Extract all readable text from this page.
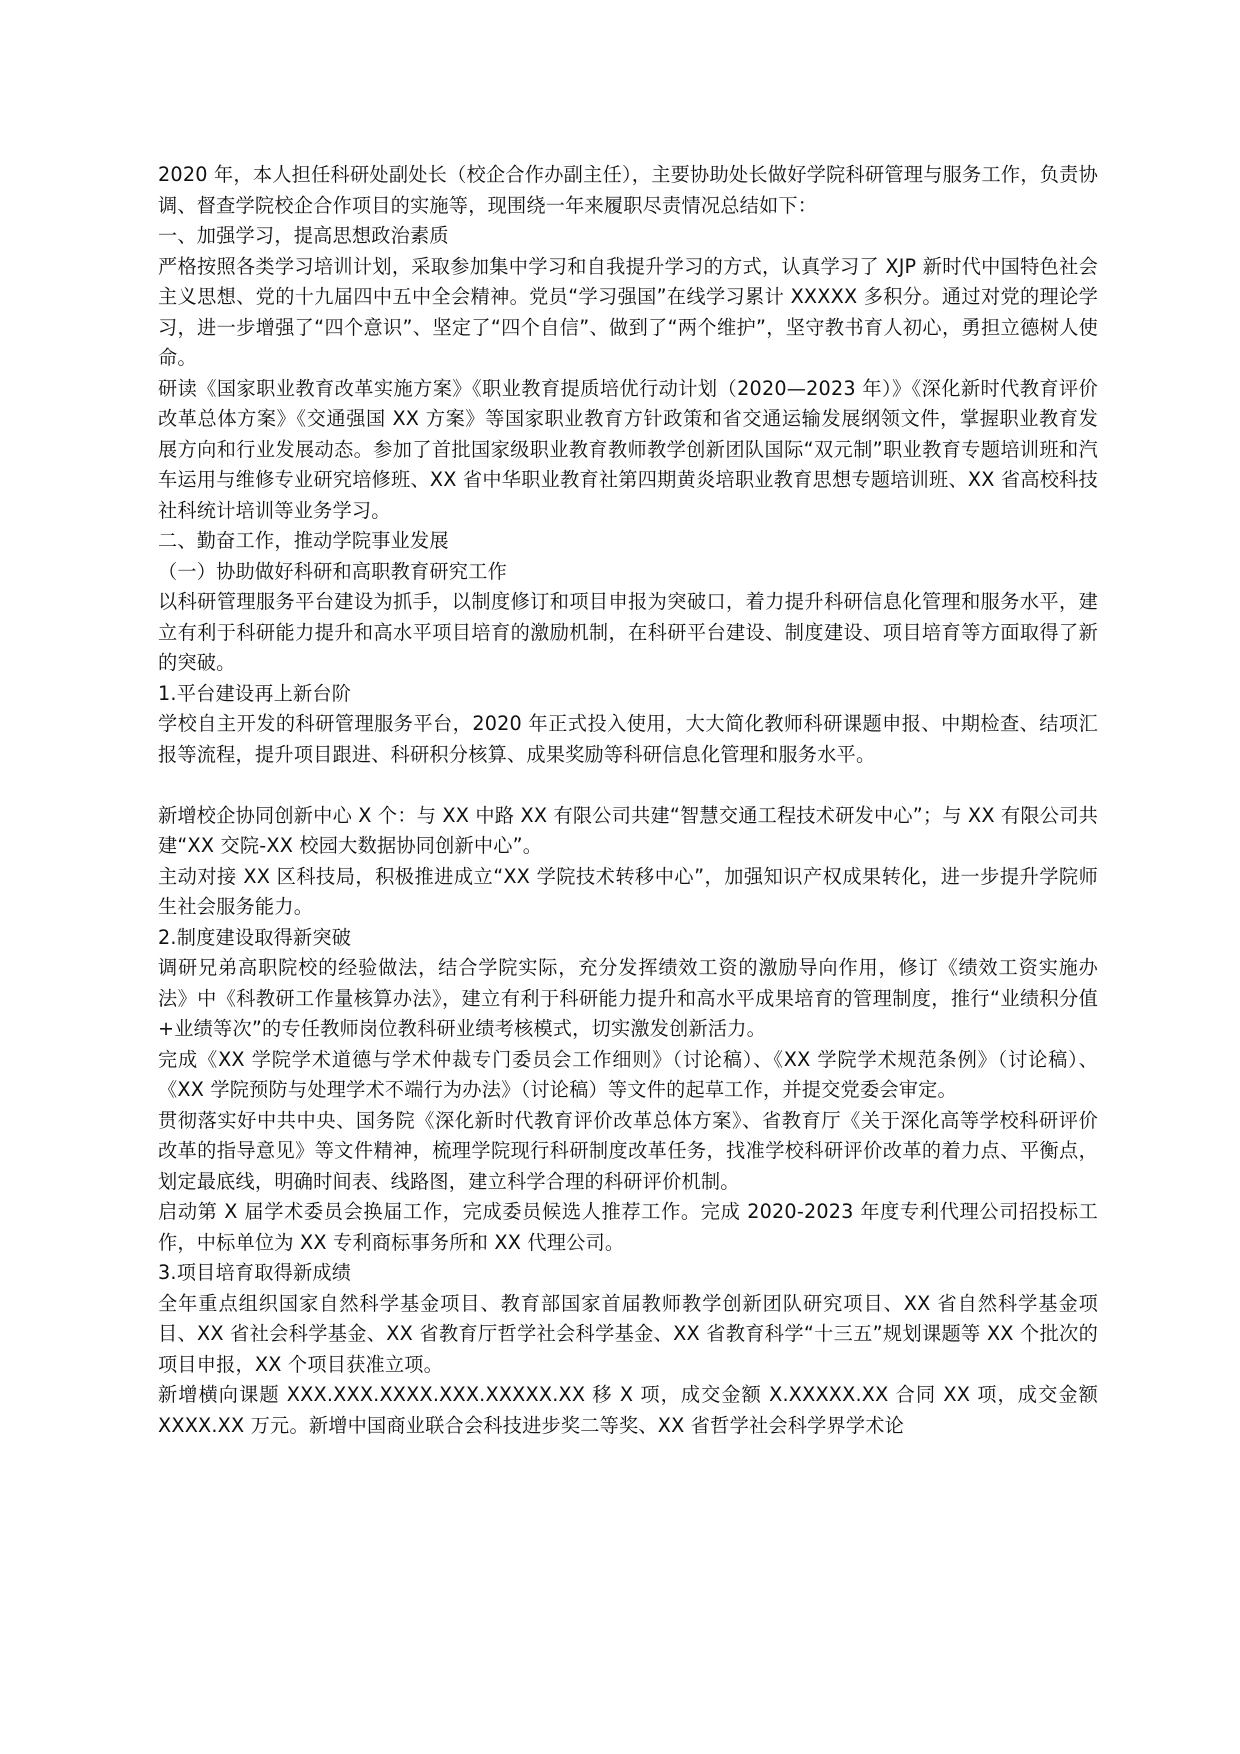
2020 年，本人担任科研处副处长（校企合作办副主任），主要协助处长做好学院科研管理与服务工作，负责协调、督查学院校企合作项目的实施等，现围绕一年来履职尽责情况总结如下：

一、加强学习，提高思想政治素质

严格按照各类学习培训计划，采取参加集中学习和自我提升学习的方式，认真学习了 XJP 新时代中国特色社会主义思想、党的十九届四中五中全会精神。党员“学习强国”在线学习累计 XXXXX 多积分。通过对党的理论学习，进一步增强了“四个意识”、坚定了“四个自信”、做到了“两个维护”，坚守教书育人初心，勇担立德树人使命。

研读《国家职业教育改革实施方案》《职业教育提质培优行动计划（2020—2023 年）》《深化新时代教育评价改革总体方案》《交通强国 XX 方案》等国家职业教育方针政策和省交通运输发展纲领文件，掌握职业教育发展方向和行业发展动态。参加了首批国家级职业教育教师教学创新团队国际“双元制”职业教育专题培训班和汽车运用与维修专业研究培修班、XX 省中华职业教育社第四期黄炎培职业教育思想专题培训班、XX 省高校科技社科统计培训等业务学习。

二、勤奋工作，推动学院事业发展

（一）协助做好科研和高职教育研究工作

以科研管理服务平台建设为抓手，以制度修订和项目申报为突破口，着力提升科研信息化管理和服务水平，建立有利于科研能力提升和高水平项目培育的激励机制，在科研平台建设、制度建设、项目培育等方面取得了新的突破。

1.平台建设再上新台阶

学校自主开发的科研管理服务平台，2020 年正式投入使用，大大简化教师科研课题申报、中期检查、结项汇报等流程，提升项目跟进、科研积分核算、成果奖励等科研信息化管理和服务水平。

新增校企协同创新中心 X 个：与 XX 中路 XX 有限公司共建“智慧交通工程技术研发中心”；与 XX 有限公司共建“XX 交院-XX 校园大数据协同创新中心”。

主动对接 XX 区科技局，积极推进成立“XX 学院技术转移中心”，加强知识产权成果转化，进一步提升学院师生社会服务能力。

2.制度建设取得新突破

调研兄弟高职院校的经验做法，结合学院实际，充分发挥绩效工资的激励导向作用，修订《绩效工资实施办法》中《科教研工作量核算办法》，建立有利于科研能力提升和高水平成果培育的管理制度，推行“业绩积分值+业绩等次”的专任教师岗位教科研业绩考核模式，切实激发创新活力。

完成《XX 学院学术道德与学术仲裁专门委员会工作细则》（讨论稿）、《XX 学院学术规范条例》（讨论稿）、《XX 学院预防与处理学术不端行为办法》（讨论稿）等文件的起草工作，并提交党委会审定。

贯彻落实好中共中央、国务院《深化新时代教育评价改革总体方案》、省教育厅《关于深化高等学校科研评价改革的指导意见》等文件精神，梳理学院现行科研制度改革任务，找准学校科研评价改革的着力点、平衡点，划定最底线，明确时间表、线路图，建立科学合理的科研评价机制。

启动第 X 届学术委员会换届工作，完成委员候选人推荐工作。完成 2020-2023 年度专利代理公司招投标工作，中标单位为 XX 专利商标事务所和 XX 代理公司。

3.项目培育取得新成绩

全年重点组织国家自然科学基金项目、教育部国家首届教师教学创新团队研究项目、XX 省自然科学基金项目、XX 省社会科学基金、XX 省教育厅哲学社会科学基金、XX 省教育科学“十三五”规划课题等 XX 个批次的项目申报，XX 个项目获准立项。

新增横向课题 XXX.XXX.XXXX.XXX.XXXXX.XX 移 X 项，成交金额 X.XXXXX.XX 合同 XX 项，成交金额 XXXX.XX 万元。新增中国商业联合会科技进步奖二等奖、XX 省哲学社会科学界学术论
